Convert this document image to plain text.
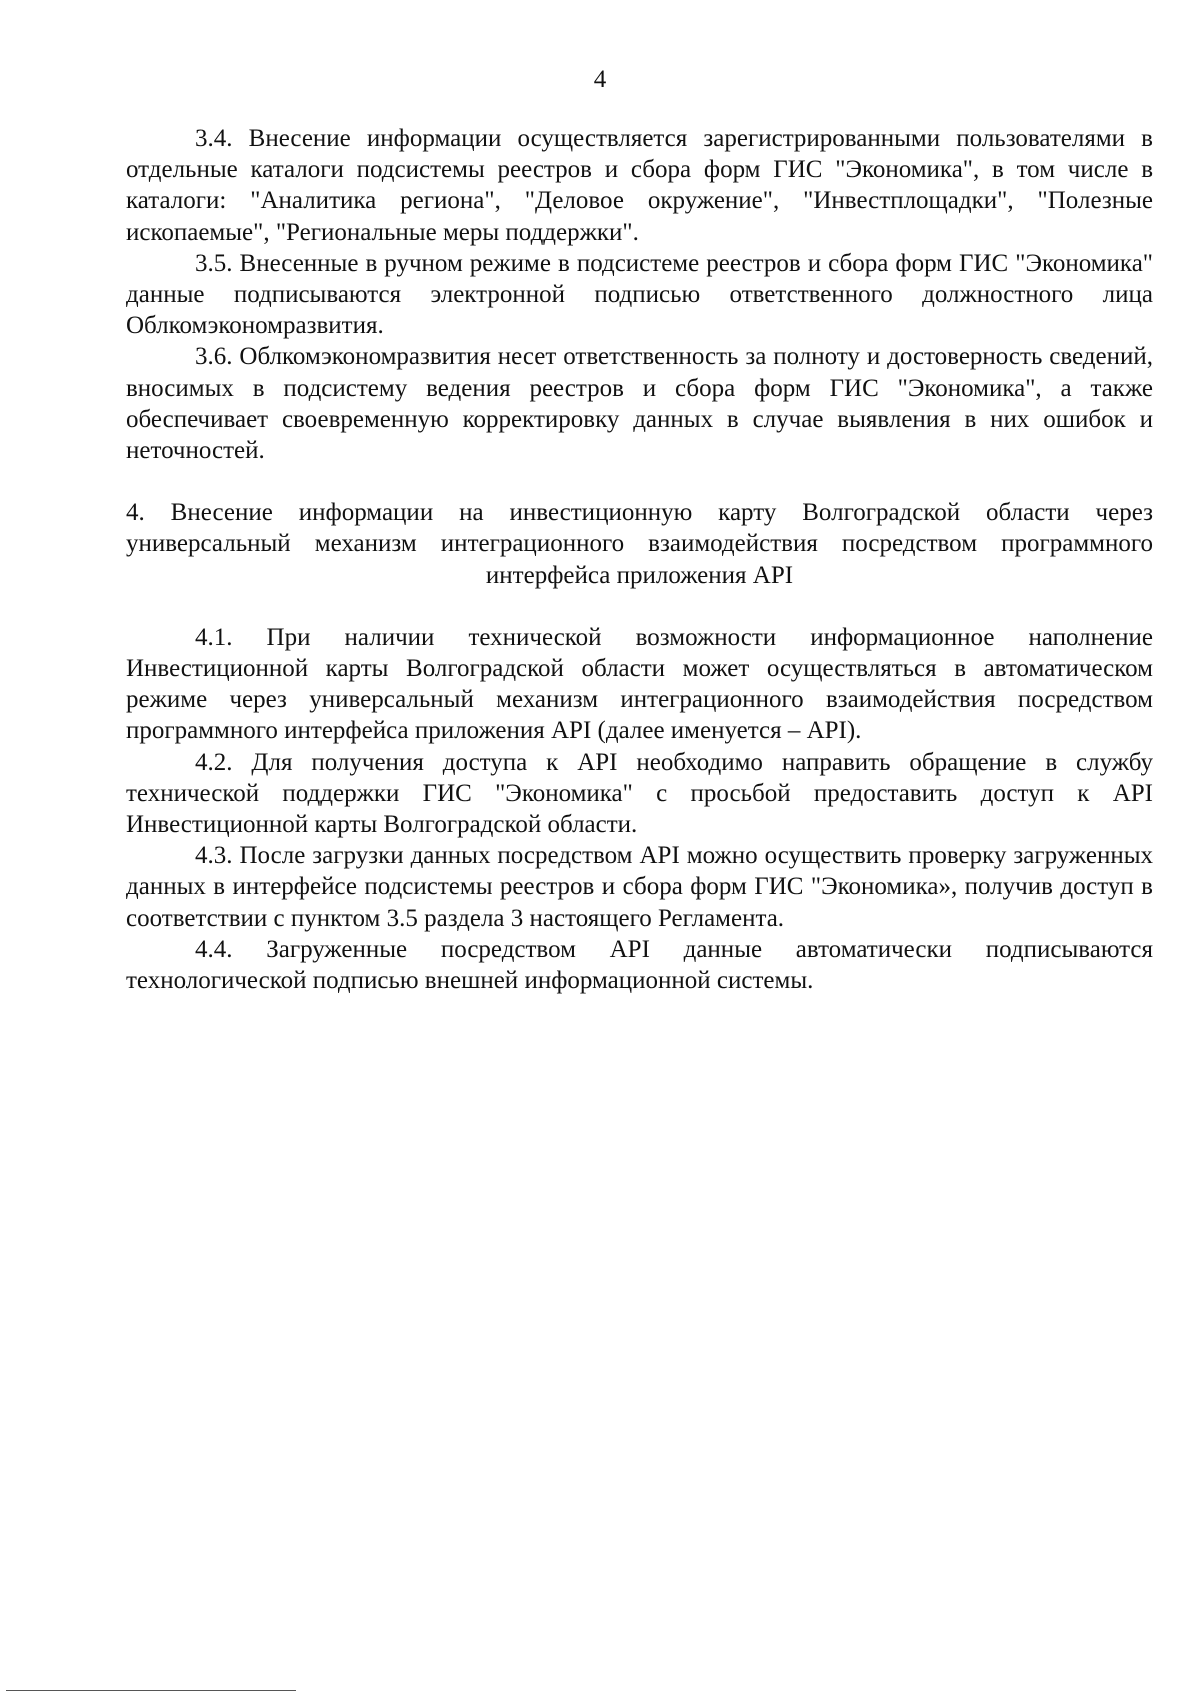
4

3.4. Внесение информации осуществляется зарегистрированными пользователями в отдельные каталоги подсистемы реестров и сбора форм ГИС "Экономика", в том числе в каталоги: "Аналитика региона", "Деловое окружение", "Инвестплощадки", "Полезные ископаемые", "Региональные меры поддержки".

3.5. Внесенные в ручном режиме в подсистеме реестров и сбора форм ГИС "Экономика" данные подписываются электронной подписью ответственного должностного лица Облкомэкономразвития.

3.6. Облкомэкономразвития несет ответственность за полноту и достоверность сведений, вносимых в подсистему ведения реестров и сбора форм ГИС "Экономика", а также обеспечивает своевременную корректировку данных в случае выявления в них ошибок и неточностей.

4. Внесение информации на инвестиционную карту Волгоградской области через универсальный механизм интеграционного взаимодействия посредством программного интерфейса приложения API

4.1. При наличии технической возможности информационное наполнение Инвестиционной карты Волгоградской области может осуществляться в автоматическом режиме через универсальный механизм интеграционного взаимодействия посредством программного интерфейса приложения API (далее именуется – API).

4.2. Для получения доступа к API необходимо направить обращение в службу технической поддержки ГИС "Экономика" с просьбой предоставить доступ к API Инвестиционной карты Волгоградской области.

4.3. После загрузки данных посредством API можно осуществить проверку загруженных данных в интерфейсе подсистемы реестров и сбора форм ГИС "Экономика», получив доступ в соответствии с пунктом 3.5 раздела 3 настоящего Регламента.

4.4. Загруженные посредством API данные автоматически подписываются технологической подписью внешней информационной системы.
